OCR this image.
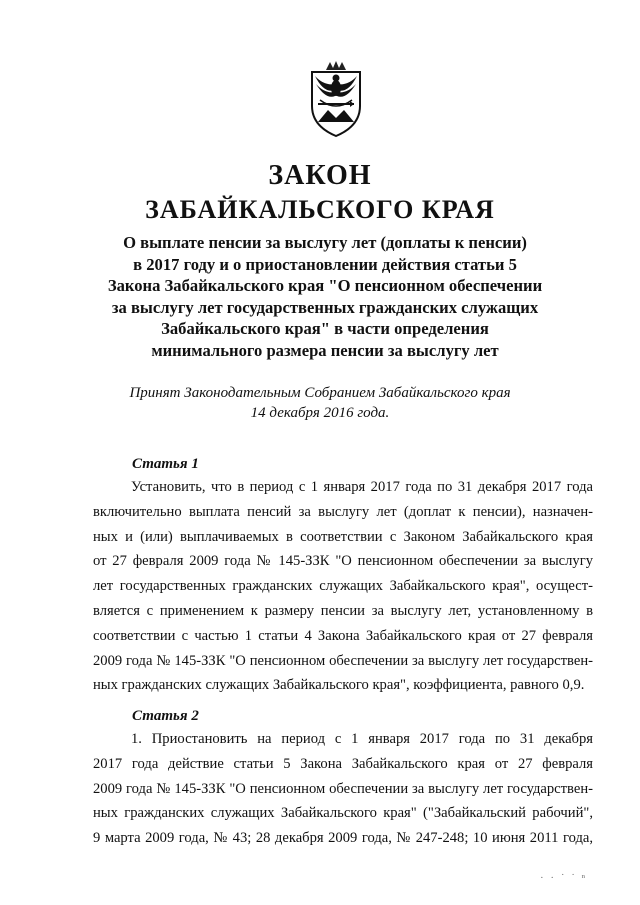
ЗАКОН
ЗАБАЙКАЛЬСКОГО КРАЯ
О выплате пенсии за выслугу лет (доплаты к пенсии)
в 2017 году и о приостановлении действия статьи 5
Закона Забайкальского края "О пенсионном обеспечении
за выслугу лет государственных гражданских служащих
Забайкальского края" в части определения
минимального размера пенсии за выслугу лет
Принят Законодательным Собранием Забайкальского края
14 декабря 2016 года.
Статья 1
Установить, что в период с 1 января 2017 года по 31 декабря 2017 года
включительно выплата пенсий за выслугу лет (доплат к пенсии), назначен-
ных и (или) выплачиваемых в соответствии с Законом Забайкальского края
от 27 февраля 2009 года № 145-ЗЗК "О пенсионном обеспечении за выслугу
лет государственных гражданских служащих Забайкальского края", осущест-
вляется с применением к размеру пенсии за выслугу лет, установленному в
соответствии с частью 1 статьи 4 Закона Забайкальского края от 27 февраля
2009 года № 145-ЗЗК "О пенсионном обеспечении за выслугу лет государствен-
ных гражданских служащих Забайкальского края", коэффициента, равного 0,9.
Статья 2
1. Приостановить на период с 1 января 2017 года по 31 декабря
2017 года действие статьи 5 Закона Забайкальского края от 27 февраля
2009 года № 145-ЗЗК "О пенсионном обеспечении за выслугу лет государствен-
ных гражданских служащих Забайкальского края" ("Забайкальский рабочий",
9 марта 2009 года, № 43; 28 декабря 2009 года, № 247-248; 10 июня 2011 года,
· · ˙ ˙ ⁿ
